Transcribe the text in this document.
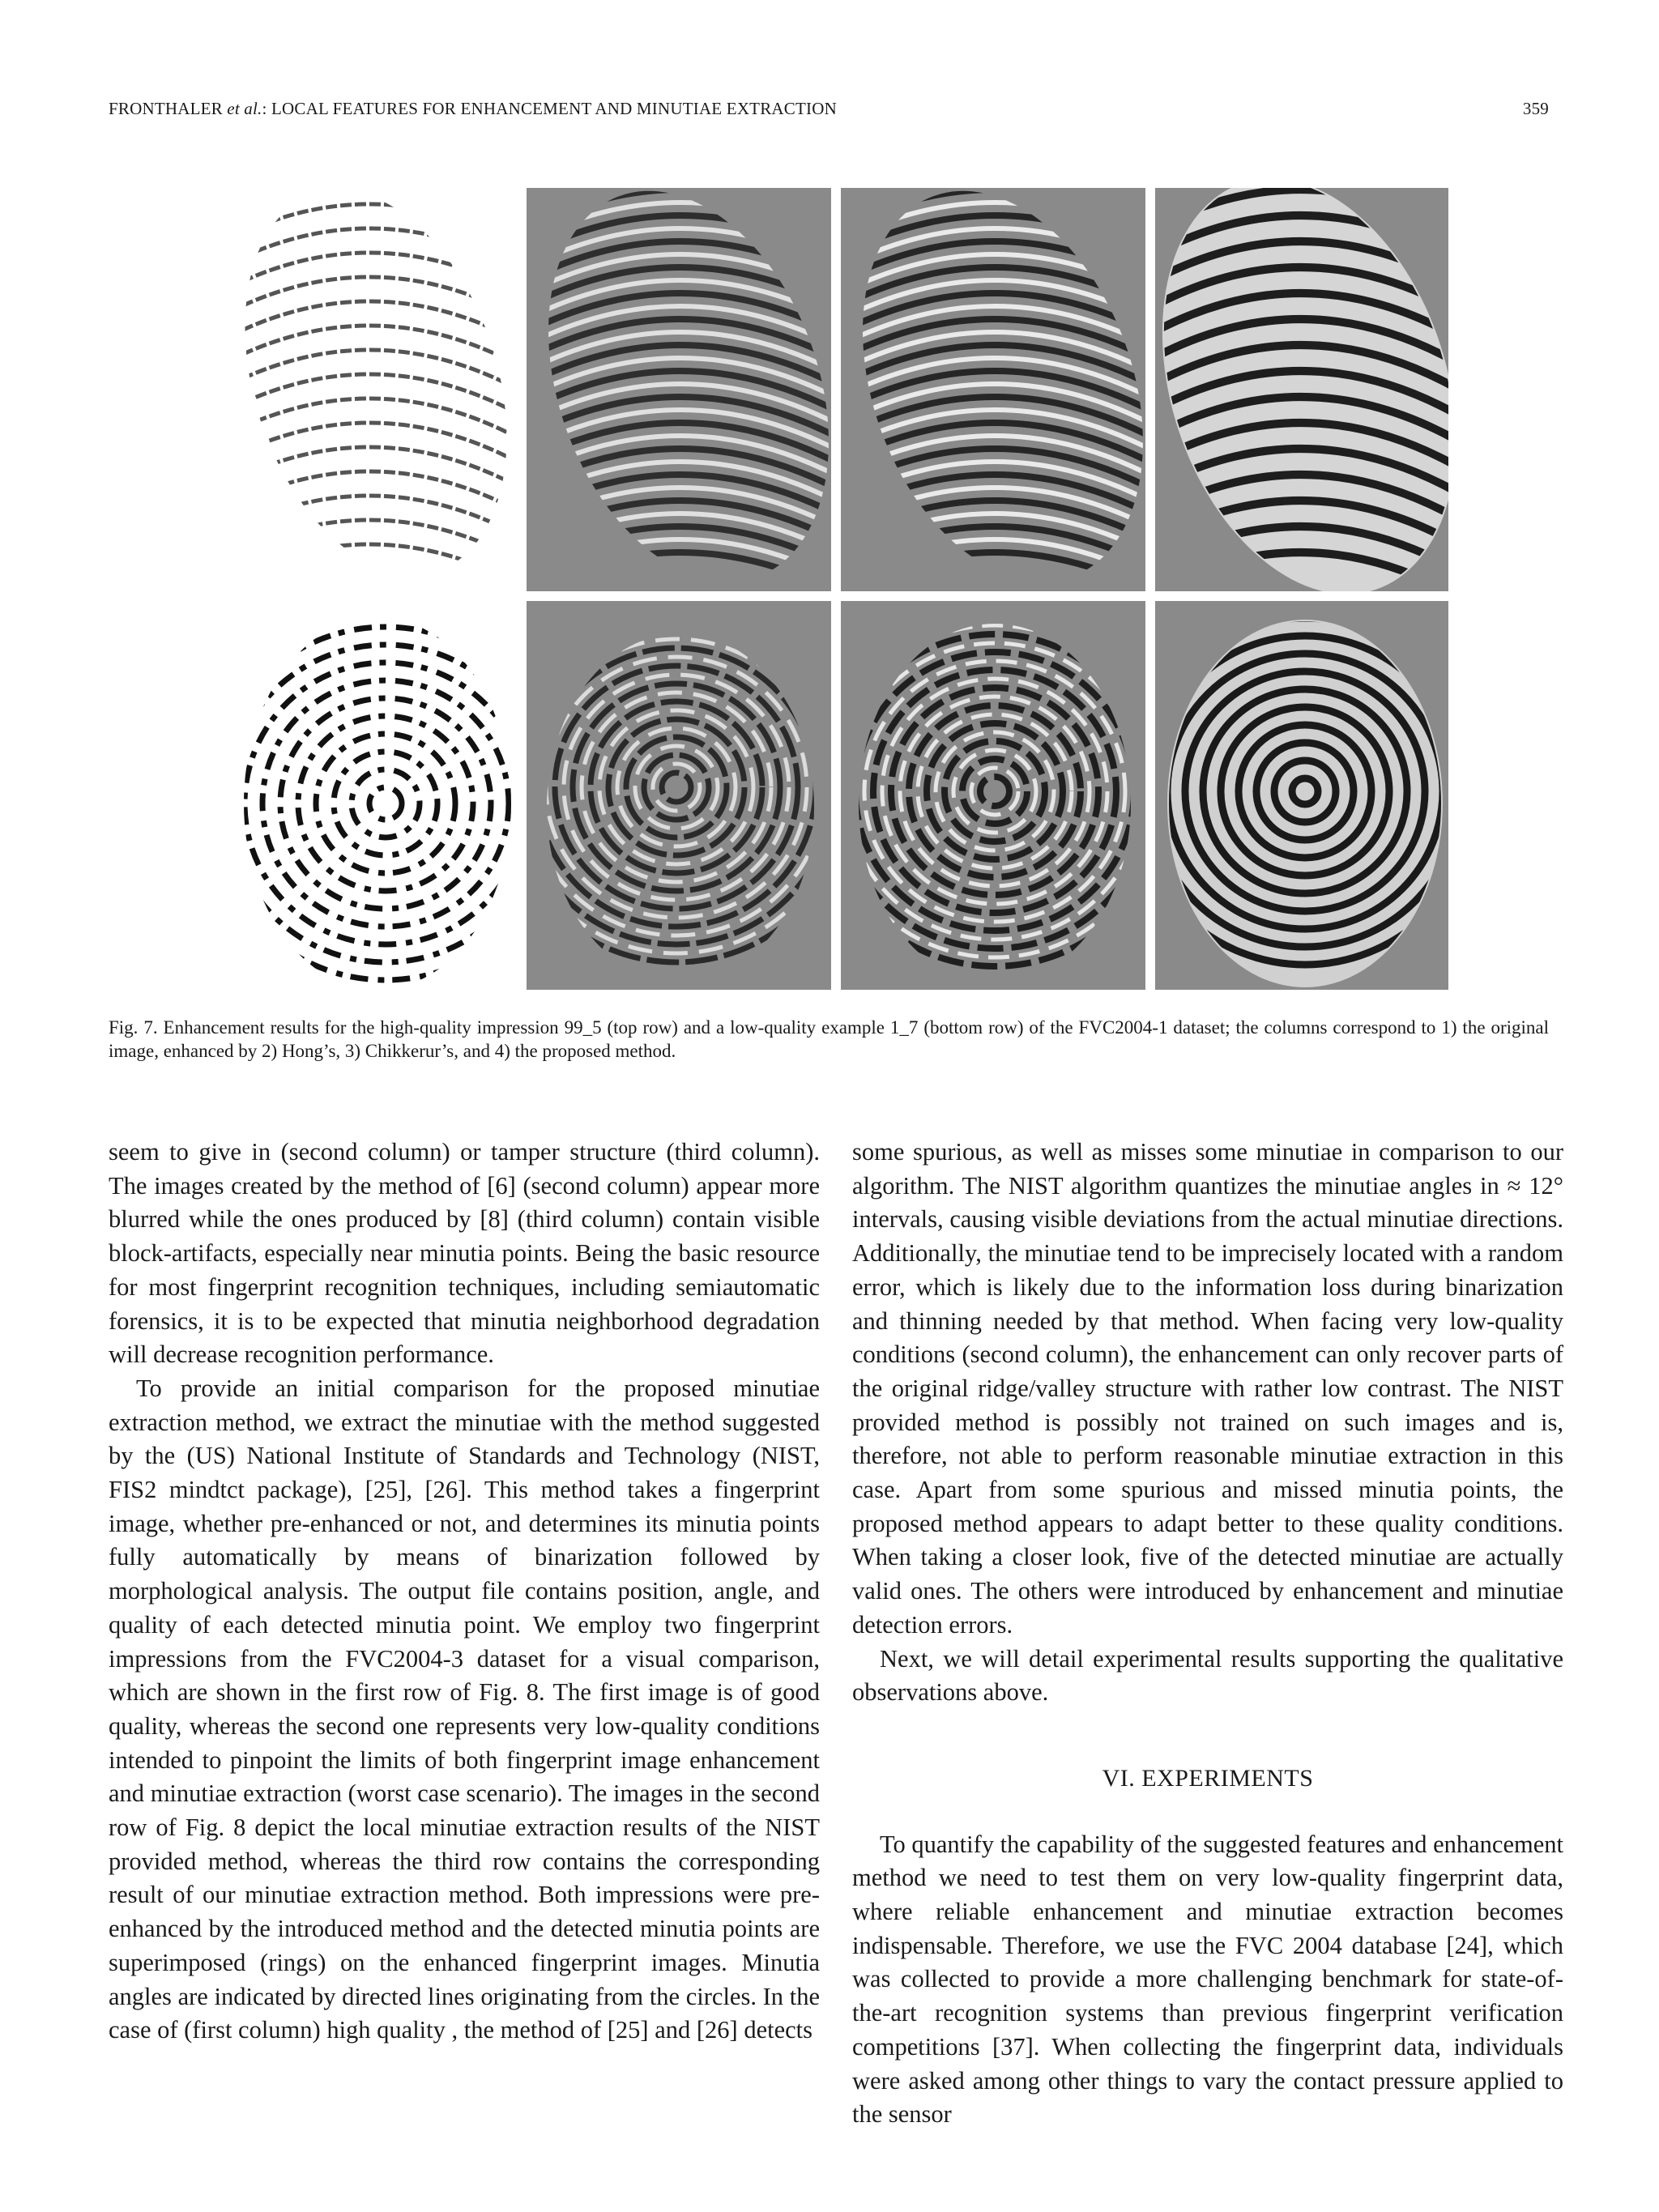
FRONTHALER et al.: LOCAL FEATURES FOR ENHANCEMENT AND MINUTIAE EXTRACTION	359
Fig. 7. Enhancement results for the high-quality impression 99_5 (top row) and a low-quality example 1_7 (bottom row) of the FVC2004-1 dataset; the columns correspond to 1) the original image, enhanced by 2) Hong’s, 3) Chikkerur’s, and 4) the proposed method.

seem to give in (second column) or tamper structure (third column). The images created by the method of [6] (second column) appear more blurred while the ones produced by [8] (third column) contain visible block-artifacts, especially near minutia points. Being the basic resource for most fingerprint recognition techniques, including semiautomatic forensics, it is to be expected that minutia neighborhood degradation will decrease recognition performance.

To provide an initial comparison for the proposed minutiae extraction method, we extract the minutiae with the method suggested by the (US) National Institute of Standards and Technology (NIST, FIS2 mindtct package), [25], [26]. This method takes a fingerprint image, whether pre-enhanced or not, and determines its minutia points fully automatically by means of binarization followed by morphological analysis. The output file contains position, angle, and quality of each detected minutia point. We employ two fingerprint impressions from the FVC2004-3 dataset for a visual comparison, which are shown in the first row of Fig. 8. The first image is of good quality, whereas the second one represents very low-quality conditions intended to pinpoint the limits of both fingerprint image enhancement and minutiae extraction (worst case scenario). The images in the second row of Fig. 8 depict the local minutiae extraction results of the NIST provided method, whereas the third row contains the corresponding result of our minutiae extraction method. Both impressions were pre-enhanced by the introduced method and the detected minutia points are superimposed (rings) on the enhanced fingerprint images. Minutia angles are indicated by directed lines originating from the circles. In the case of (first column) high quality , the method of [25] and [26] detects

some spurious, as well as misses some minutiae in comparison to our algorithm. The NIST algorithm quantizes the minutiae angles in ≈ 12° intervals, causing visible deviations from the actual minutiae directions. Additionally, the minutiae tend to be imprecisely located with a random error, which is likely due to the information loss during binarization and thinning needed by that method. When facing very low-quality conditions (second column), the enhancement can only recover parts of the original ridge/valley structure with rather low contrast. The NIST provided method is possibly not trained on such images and is, therefore, not able to perform reasonable minutiae extraction in this case. Apart from some spurious and missed minutia points, the proposed method appears to adapt better to these quality conditions. When taking a closer look, five of the detected minutiae are actually valid ones. The others were introduced by enhancement and minutiae detection errors.

Next, we will detail experimental results supporting the qualitative observations above.

VI. EXPERIMENTS

To quantify the capability of the suggested features and enhancement method we need to test them on very low-quality fingerprint data, where reliable enhancement and minutiae extraction becomes indispensable. Therefore, we use the FVC 2004 database [24], which was collected to provide a more challenging benchmark for state-of-the-art recognition systems than previous fingerprint verification competitions [37]. When collecting the fingerprint data, individuals were asked among other things to vary the contact pressure applied to the sensor
